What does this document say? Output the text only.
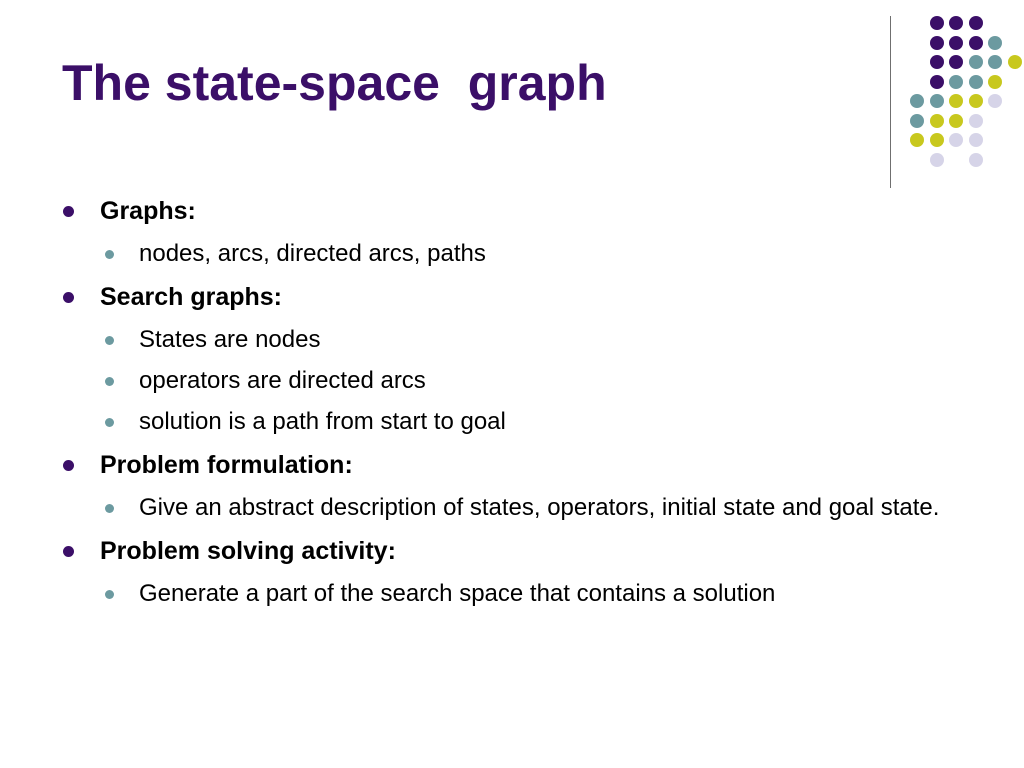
The state-space  graph
Graphs:
nodes, arcs, directed arcs, paths
Search graphs:
States are nodes
operators are directed arcs
solution is a path from start to goal
Problem formulation:
Give an abstract description of states, operators, initial state and goal state.
Problem solving activity:
Generate a part of the search space that contains a solution
